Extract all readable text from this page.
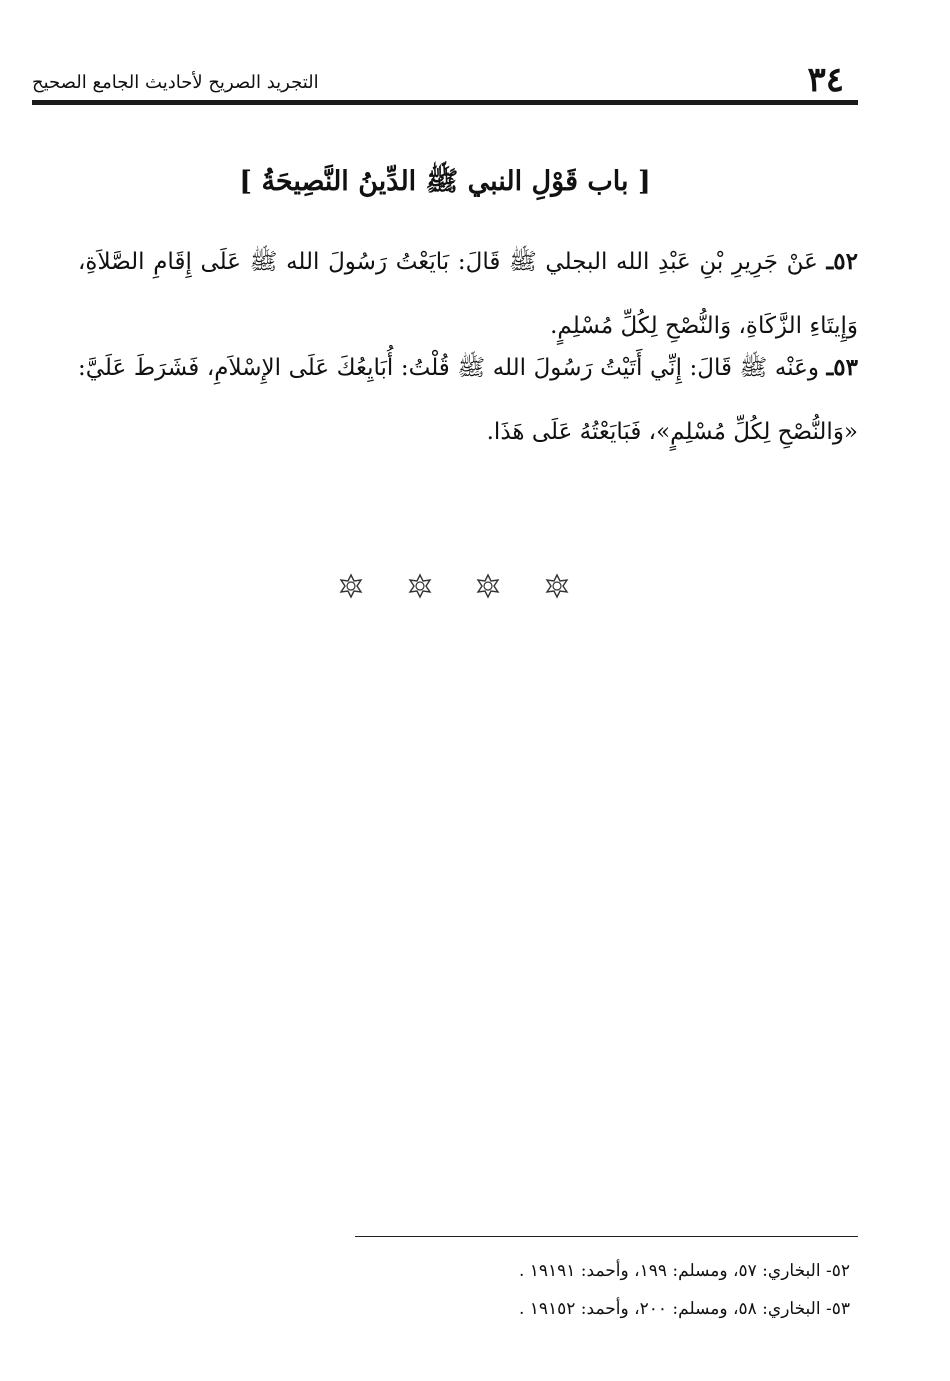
٣٤
التجريد الصريح لأحاديث الجامع الصحيح
[ باب قَوْلِ النبي ﷺ الدِّينُ النَّصِيحَةُ ]

٥٢ـ عَنْ جَرِيرِ بْنِ عَبْدِ الله البجلي ﷺ قَالَ: بَايَعْتُ رَسُولَ الله ﷺ عَلَى إِقَامِ الصَّلاَةِ، وَإِيتَاءِ الزَّكَاةِ، وَالنُّصْحِ لِكُلِّ مُسْلِمٍ.

٥٣ـ وعَنْه ﷺ قَالَ: إِنِّي أَتَيْتُ رَسُولَ الله ﷺ قُلْتُ: أُبَايِعُكَ عَلَى الإِسْلاَمِ، فَشَرَطَ عَلَيَّ: «وَالنُّصْحِ لِكُلِّ مُسْلِمٍ»، فَبَايَعْتُهُ عَلَى هَذَا.

٥٢- البخاري: ٥٧، ومسلم: ١٩٩، وأحمد: ١٩١٩١ .
٥٣- البخاري: ٥٨، ومسلم: ٢٠٠، وأحمد: ١٩١٥٢ .
